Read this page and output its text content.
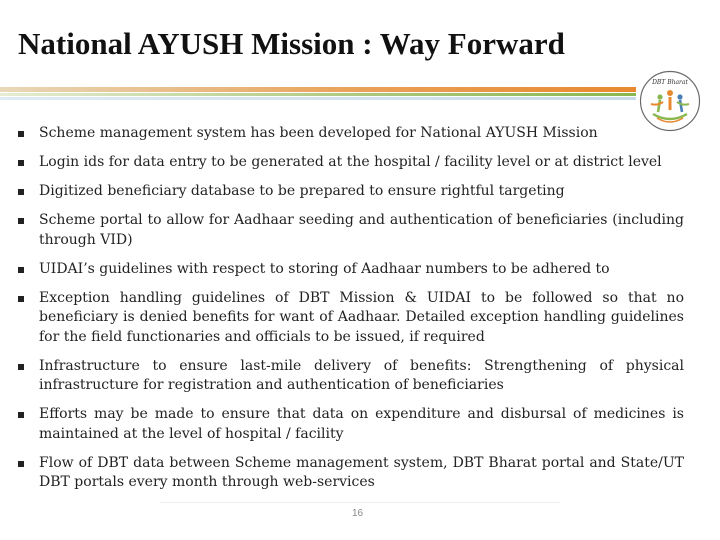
National AYUSH Mission : Way Forward
DBT Bharat
Scheme management system has been developed for National AYUSH Mission
Login ids for data entry to be generated at the hospital / facility level or at district level
Digitized beneficiary database to be prepared to ensure rightful targeting
Scheme portal to allow for Aadhaar seeding and authentication of beneficiaries (including through VID)
UIDAI’s guidelines with respect to storing of Aadhaar numbers to be adhered to
Exception handling guidelines of DBT Mission & UIDAI to be followed so that no beneficiary is denied benefits for want of Aadhaar. Detailed exception handling guidelines for the field functionaries and officials to be issued, if required
Infrastructure to ensure last-mile delivery of benefits: Strengthening of physical infrastructure for registration and authentication of beneficiaries
Efforts may be made to ensure that data on expenditure and disbursal of medicines is maintained at the level of hospital / facility
Flow of DBT data between Scheme management system, DBT Bharat portal and State/UT DBT portals every month through web-services
16
